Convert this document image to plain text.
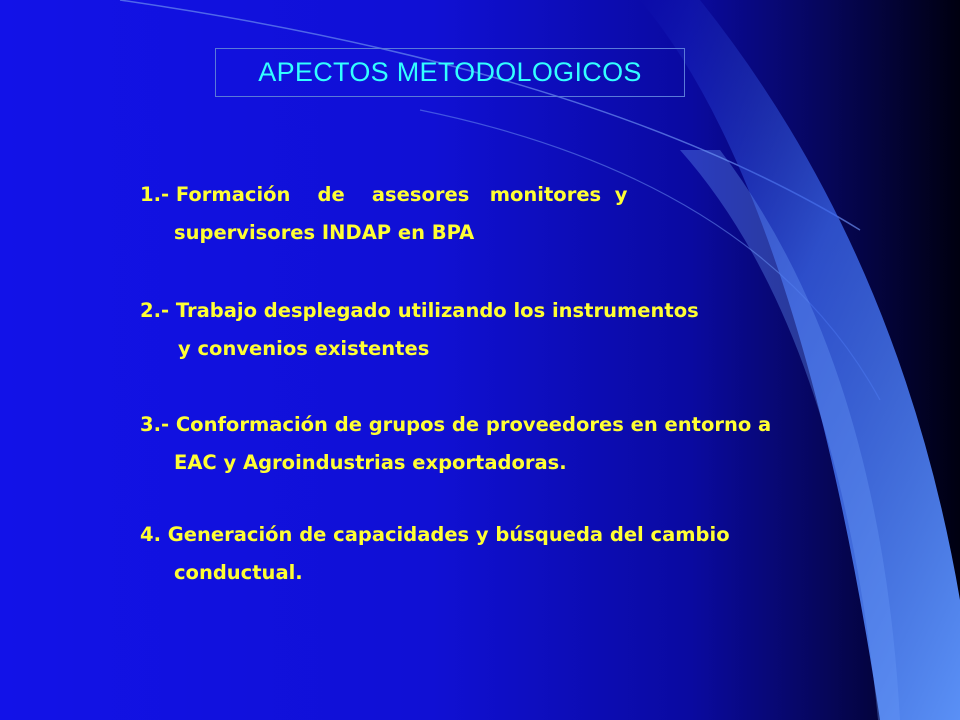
APECTOS METODOLOGICOS
1.- Formación    de    asesores   monitores  y
supervisores INDAP en BPA
2.- Trabajo desplegado utilizando los instrumentos
y convenios existentes
3.- Conformación de grupos de proveedores en entorno a
EAC y Agroindustrias exportadoras.
4. Generación de capacidades y búsqueda del cambio
conductual.
